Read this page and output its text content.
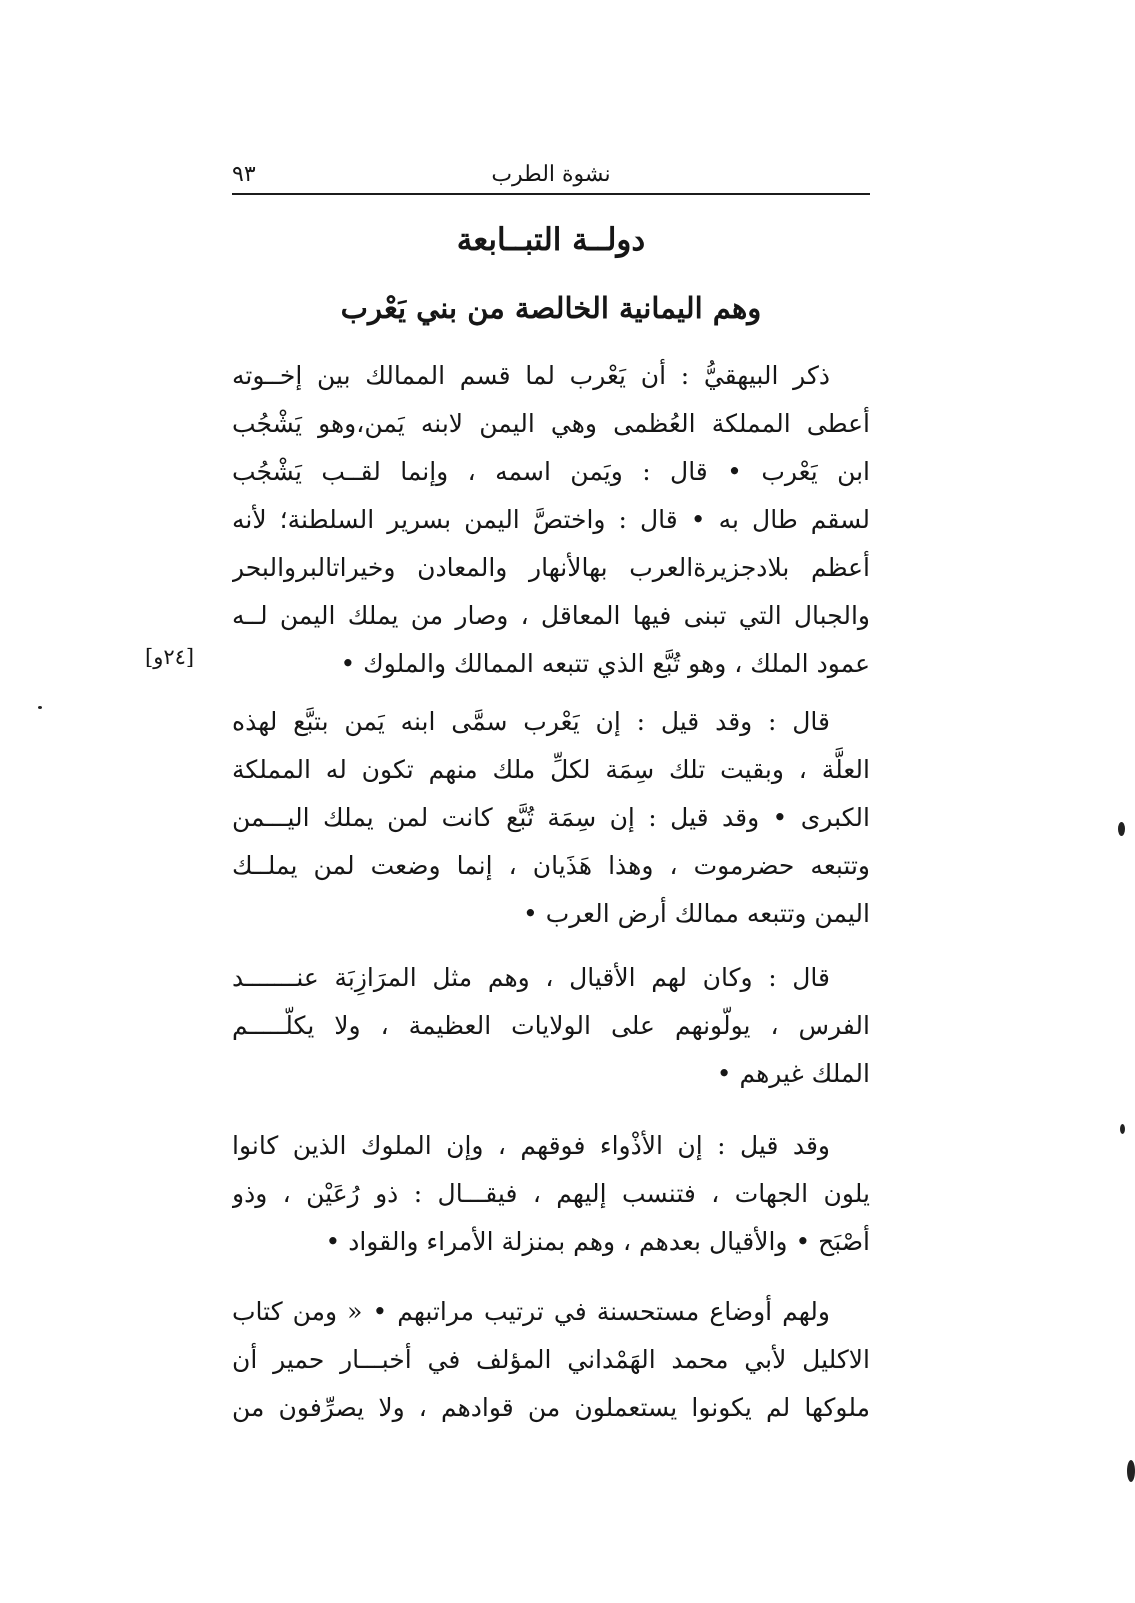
نشوة الطرب
٩٣
دولــة التبــابعة
وهم اليمانية الخالصة من بني يَعْرب
ذكر البيهقيُّ : أن يَعْرب لما قسم الممالك بين إخــوته
أعطى المملكة العُظمى وهي اليمن لابنه يَمن،وهو يَشْجُب
ابن يَعْرب • قال : ويَمن اسمه ، وإنما لقــب يَشْجُب
لسقم طال به • قال : واختصَّ اليمن بسرير السلطنة؛ لأنه
أعظم بلادجزيرةالعرب بهالأنهار والمعادن وخيراتالبروالبحر
والجبال التي تبنى فيها المعاقل ، وصار من يملك اليمن لــه
عمود الملك ، وهو تُبَّع الذي تتبعه الممالك والملوك •
[٢٤و]
قال : وقد قيل : إن يَعْرب سمَّى ابنه يَمن بتبَّع لهذه
العلَّة ، وبقيت تلك سِمَة لكلِّ ملك منهم تكون له المملكة
الكبرى • وقد قيل : إن سِمَة تُبَّع كانت لمن يملك اليـــمن
وتتبعه حضرموت ، وهذا هَذَيان ، إنما وضعت لمن يملــك
اليمن وتتبعه ممالك أرض العرب •
قال : وكان لهم الأقيال ، وهم مثل المرَازِبَة عنـــــــد
الفرس ، يولّونهم على الولايات العظيمة ، ولا يكلّـــــم
الملك غيرهم •
وقد قيل : إن الأذْواء فوقهم ، وإن الملوك الذين كانوا
يلون الجهات ، فتنسب إليهم ، فيقـــال : ذو رُعَيْن ، وذو
أصْبَح • والأقيال بعدهم ، وهم بمنزلة الأمراء والقواد •
ولهم أوضاع مستحسنة في ترتيب مراتبهم • « ومن كتاب
الاكليل لأبي محمد الهَمْداني المؤلف في أخبـــار حمير أن
ملوكها لم يكونوا يستعملون من قوادهم ، ولا يصرِّفون من
